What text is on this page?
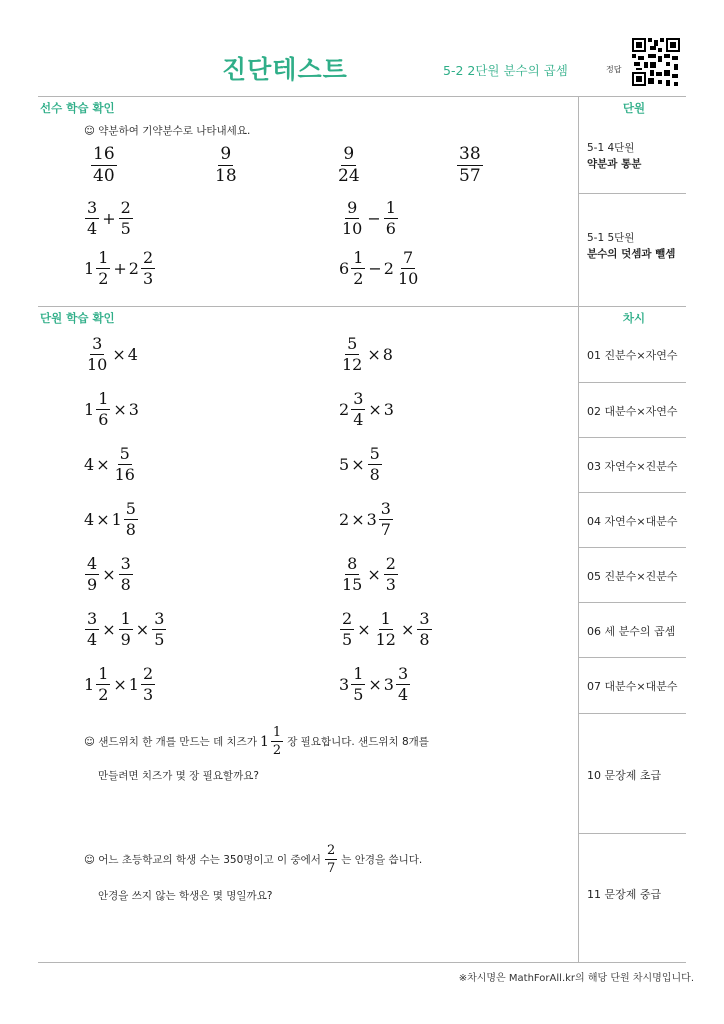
진단테스트	5-2 2단원 분수의 곱셈	정답
선수 학습 확인	단원
단원 학습 확인	차시
5-1 4단원
약분과 통분
5-1 5단원
분수의 덧셈과 뺄셈
01 진분수×자연수
02 대분수×자연수
03 자연수×진분수
04 자연수×대분수
05 진분수×진분수
06 세 분수의 곱셈
07 대분수×대분수
10 문장제 초급
11 문장제 중급
☺ 약분하여 기약분수로 나타내세요.
$\frac{16}{40}$	$\frac{9}{18}$	$\frac{9}{24}$	$\frac{38}{57}$
$\frac{3}{4} + \frac{2}{5}$	$\frac{9}{10} - \frac{1}{6}$
$1 \frac{1}{2} + 2 \frac{2}{3}$	$6 \frac{1}{2} - 2 \frac{7}{10}$
$\frac{3}{10} \times 4$	$\frac{5}{12} \times 8$
$1 \frac{1}{6} \times 3$	$2 \frac{3}{4} \times 3$
$4 \times \frac{5}{16}$	$5 \times \frac{5}{8}$
$4 \times 1 \frac{5}{8}$	$2 \times 3 \frac{3}{7}$
$\frac{4}{9} \times \frac{3}{8}$	$\frac{8}{15} \times \frac{2}{3}$
$\frac{3}{4} \times \frac{1}{9} \times \frac{3}{5}$	$\frac{2}{5} \times \frac{1}{12} \times \frac{3}{8}$
$1 \frac{1}{2} \times 1 \frac{2}{3}$	$3 \frac{1}{5} \times 3 \frac{3}{4}$
☺ 샌드위치 한 개를 만드는 데 치즈가 $1 \frac{1}{2}$ 장 필요합니다. 샌드위치 8개를
만들려면 치즈가 몇 장 필요할까요?
☺ 어느 초등학교의 학생 수는 350명이고 이 중에서 $\frac{2}{7}$ 는 안경을 씁니다.
안경을 쓰지 않는 학생은 몇 명일까요?
※차시명은 MathForAll.kr의 해당 단원 차시명입니다.
